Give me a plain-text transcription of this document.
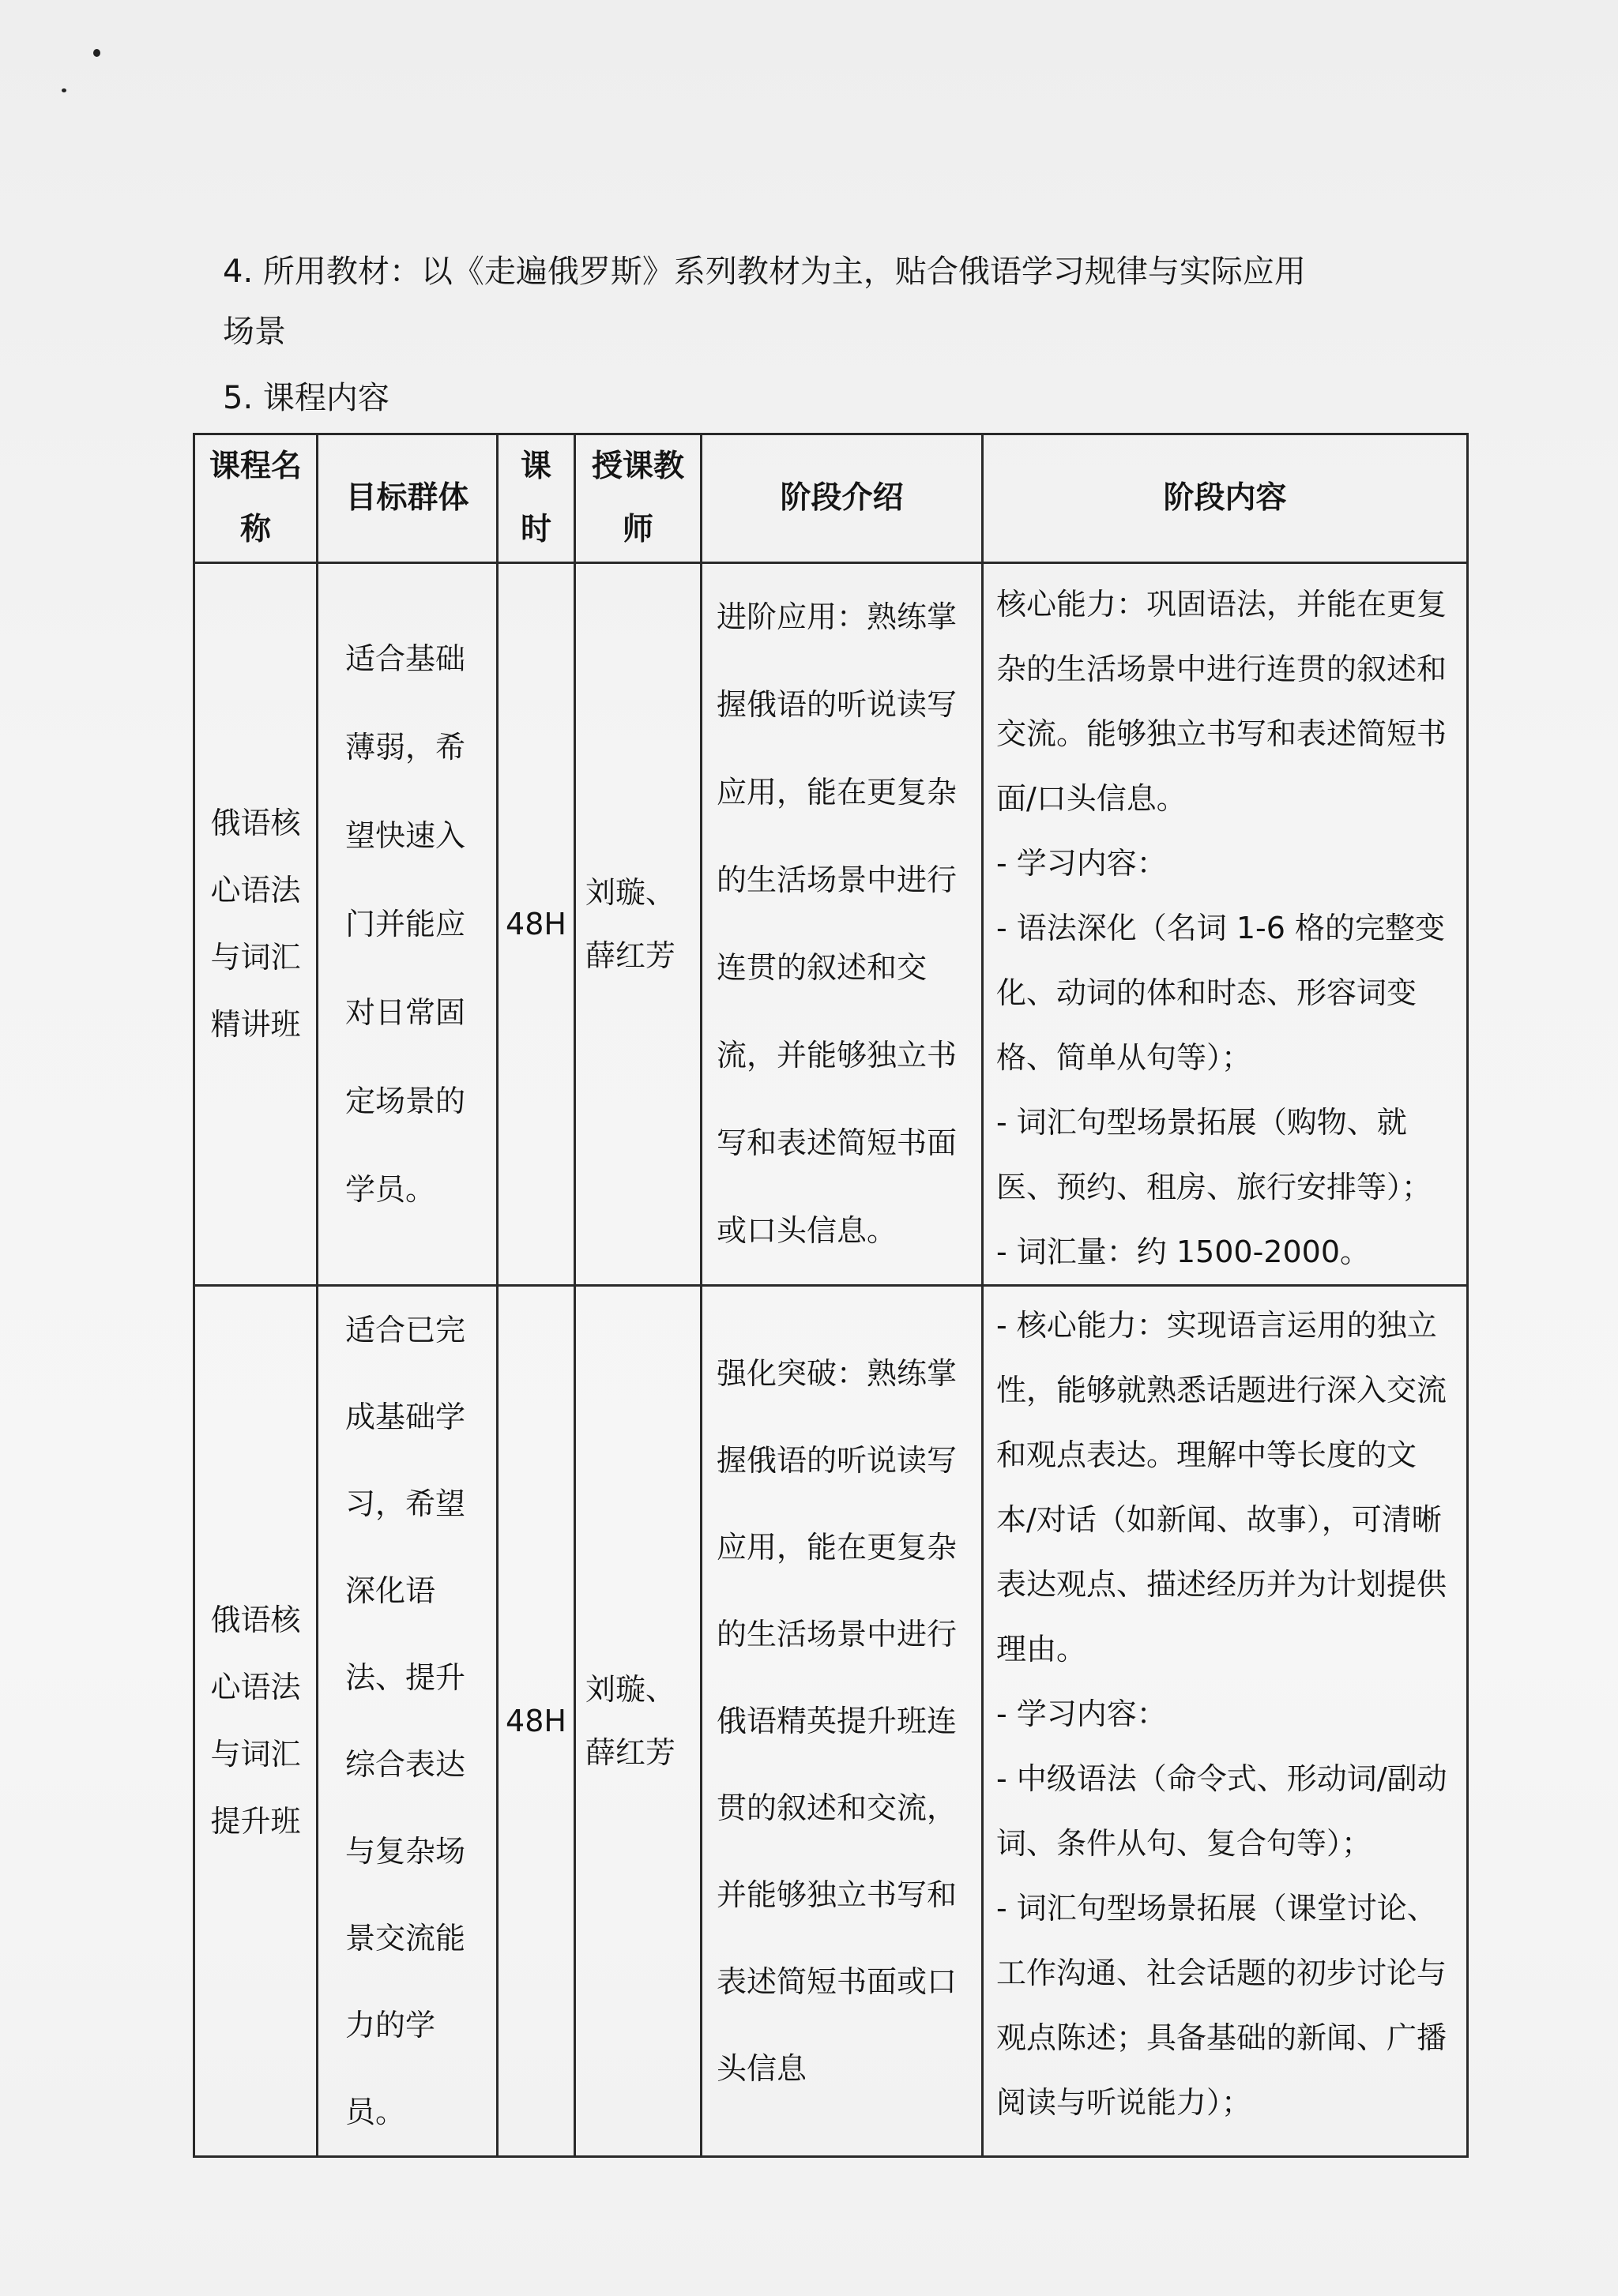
4. 所用教材：以《走遍俄罗斯》系列教材为主，贴合俄语学习规律与实际应用
场景
5. 课程内容
课程名称	目标群体	课时	授课教师	阶段介绍	阶段内容

俄语核心语法与词汇精讲班	适合基础薄弱，希望快速入门并能应对日常固定场景的学员。	48H	刘璇、薛红芳	进阶应用：熟练掌握俄语的听说读写应用，能在更复杂的生活场景中进行连贯的叙述和交流，并能够独立书写和表述简短书面或口头信息。	核心能力：巩固语法，并能在更复杂的生活场景中进行连贯的叙述和交流。能够独立书写和表述简短书面/口头信息。
- 学习内容：
- 语法深化（名词 1-6 格的完整变化、动词的体和时态、形容词变格、简单从句等）；
- 词汇句型场景拓展（购物、就医、预约、租房、旅行安排等）；
- 词汇量：约 1500-2000。

俄语核心语法与词汇提升班	适合已完成基础学习，希望深化语法、提升综合表达与复杂场景交流能力的学员。	48H	刘璇、薛红芳	强化突破：熟练掌握俄语的听说读写应用，能在更复杂的生活场景中进行俄语精英提升班连贯的叙述和交流，并能够独立书写和表述简短书面或口头信息	- 核心能力：实现语言运用的独立性，能够就熟悉话题进行深入交流和观点表达。理解中等长度的文本/对话（如新闻、故事），可清晰表达观点、描述经历并为计划提供理由。
- 学习内容：
- 中级语法（命令式、形动词/副动词、条件从句、复合句等）；
- 词汇句型场景拓展（课堂讨论、工作沟通、社会话题的初步讨论与观点陈述；具备基础的新闻、广播阅读与听说能力）；
